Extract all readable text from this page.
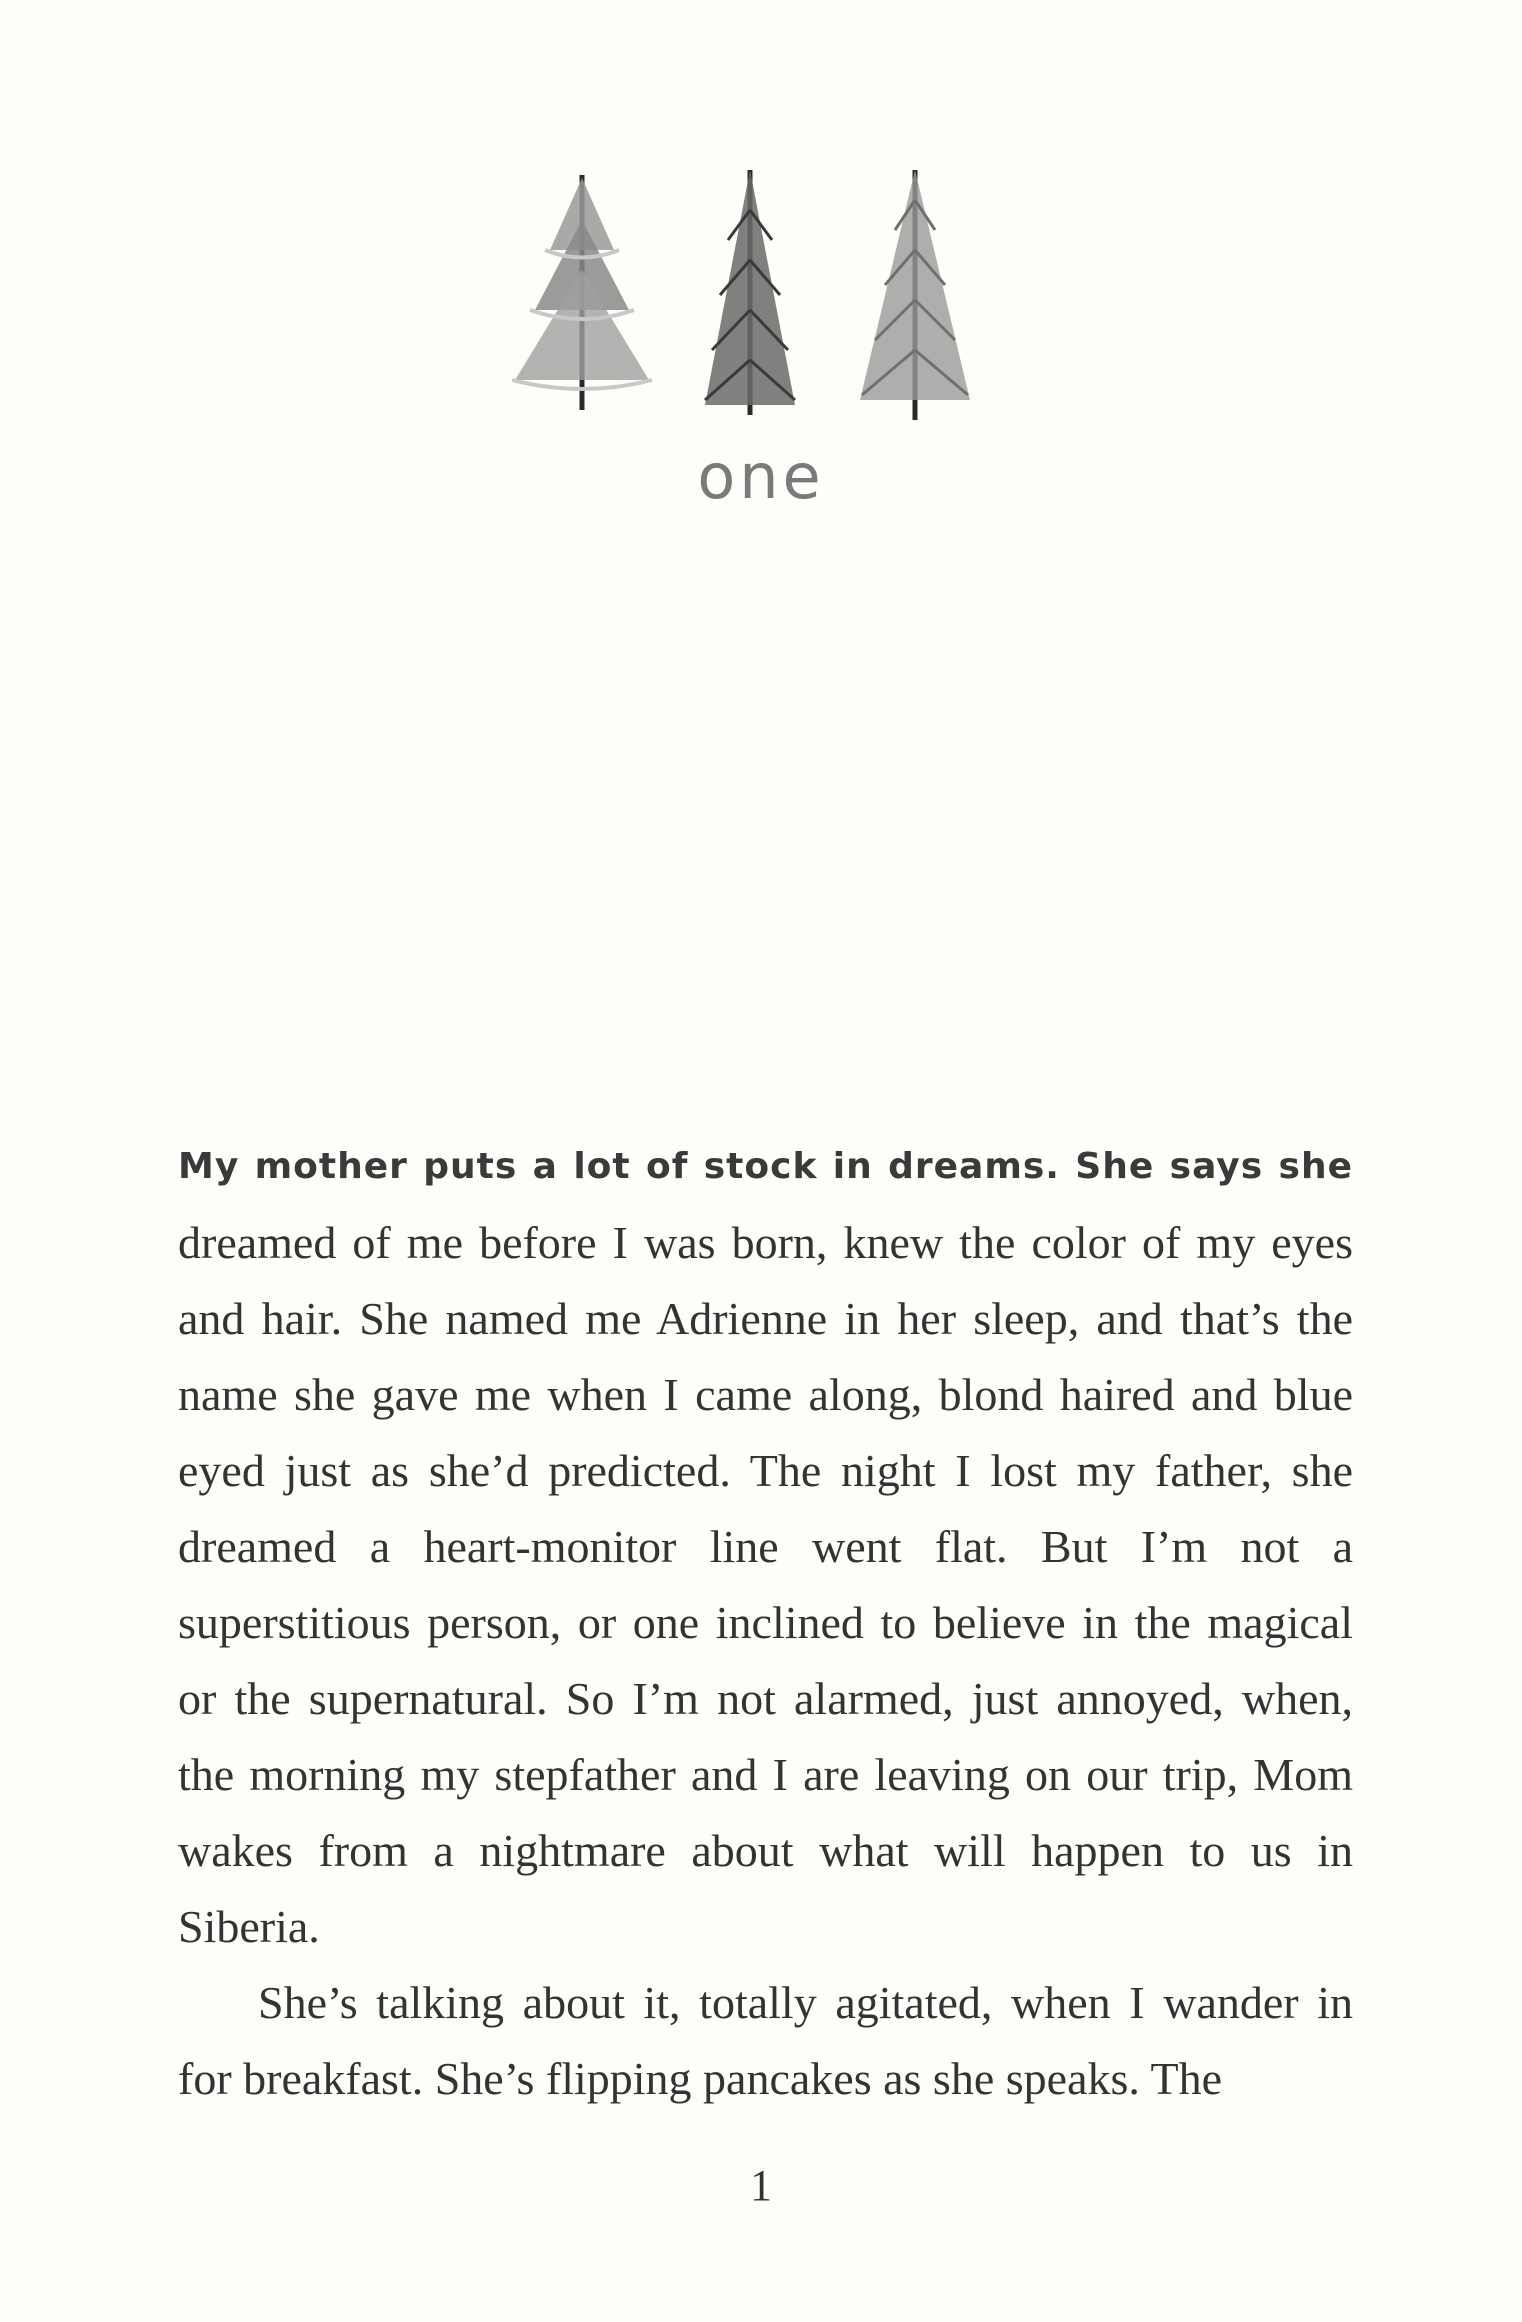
one

My mother puts a lot of stock in dreams. She says she dreamed of me before I was born, knew the color of my eyes and hair. She named me Adrienne in her sleep, and that’s the name she gave me when I came along, blond haired and blue eyed just as she’d predicted. The night I lost my father, she dreamed a heart-monitor line went flat. But I’m not a superstitious person, or one inclined to believe in the magical or the supernatural. So I’m not alarmed, just annoyed, when, the morning my stepfather and I are leaving on our trip, Mom wakes from a nightmare about what will happen to us in Siberia.

She’s talking about it, totally agitated, when I wander in for breakfast. She’s flipping pancakes as she speaks. The

1
